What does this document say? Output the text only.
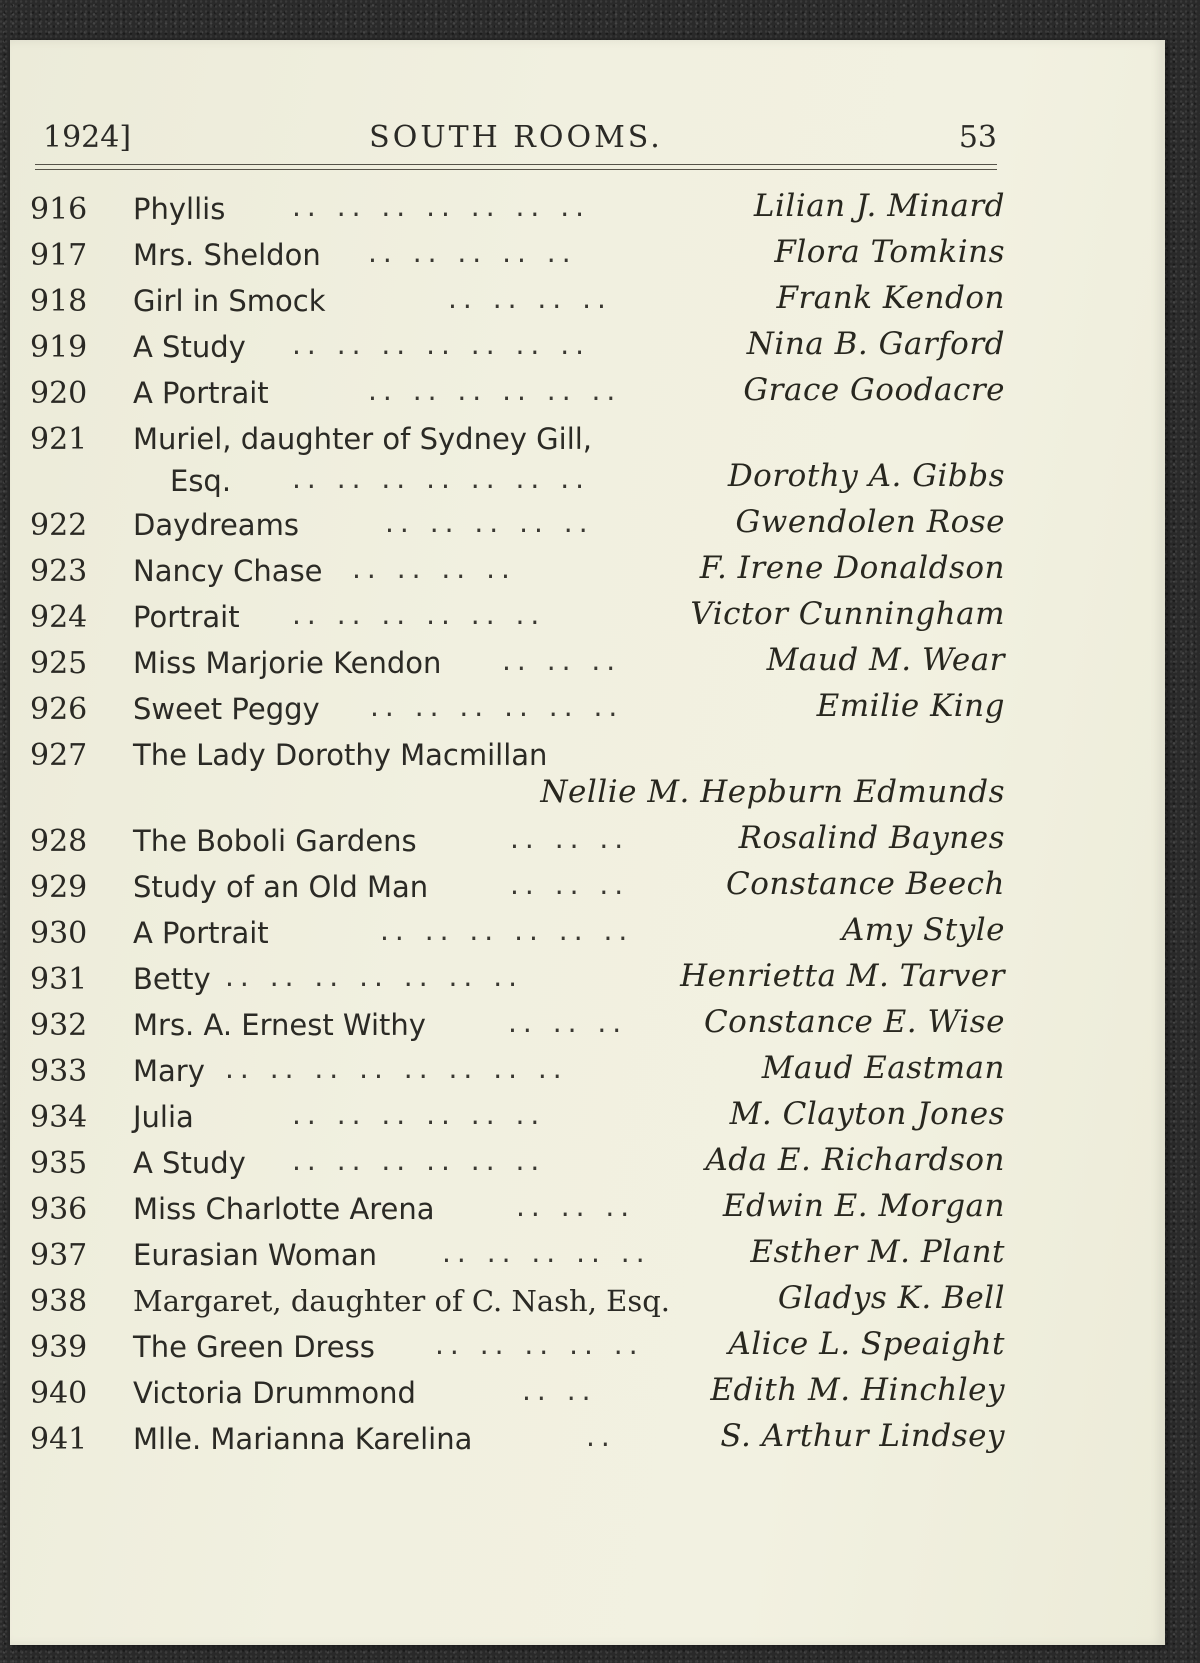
1924]	SOUTH ROOMS.	53
916 Phyllis .. .. .. .. .. .. ..	Lilian J. Minard
917 Mrs. Sheldon .. .. .. .. ..	Flora Tomkins
918 Girl in Smock	.. .. .. ..	Frank Kendon
919 A Study .. .. .. .. .. .. ..	Nina B. Garford
920 A Portrait	.. .. .. .. .. ..	Grace Goodacre
921 Muriel, daughter of Sydney Gill,
Esq. .. .. .. .. .. .. ..	Dorothy A. Gibbs
922 Daydreams	.. .. .. .. ..	Gwendolen Rose
923 Nancy Chase .. .. .. ..	F. Irene Donaldson
924 Portrait .. .. .. .. .. ..	Victor Cunningham
925 Miss Marjorie Kendon .. .. ..	Maud M. Wear
926 Sweet Peggy .. .. .. .. .. ..	Emilie King
927 The Lady Dorothy Macmillan
Nellie M. Hepburn Edmunds
928 The Boboli Gardens	.. .. ..	Rosalind Baynes
929 Study of an Old Man	.. .. ..	Constance Beech
930 A Portrait	.. .. .. .. .. ..	Amy Style
931 Betty .. .. .. .. .. .. ..	Henrietta M. Tarver
932 Mrs. A. Ernest Withy	.. .. .. Constance E. Wise
933 Mary .. .. .. .. .. .. .. ..	Maud Eastman
934 Julia	.. .. .. .. .. ..	M. Clayton Jones
935 A Study .. .. .. .. .. ..	Ada E. Richardson
936 Miss Charlotte Arena	.. .. ..	Edwin E. Morgan
937 Eurasian Woman .. .. .. .. ..	Esther M. Plant
938 Margaret, daughter of C. Nash, Esq.	Gladys K. Bell
939 The Green Dress .. .. .. .. ..	Alice L. Speaight
940 Victoria Drummond	.. ..	Edith M. Hinchley
941 Mlle. Marianna Karelina	..	S. Arthur Lindsey
